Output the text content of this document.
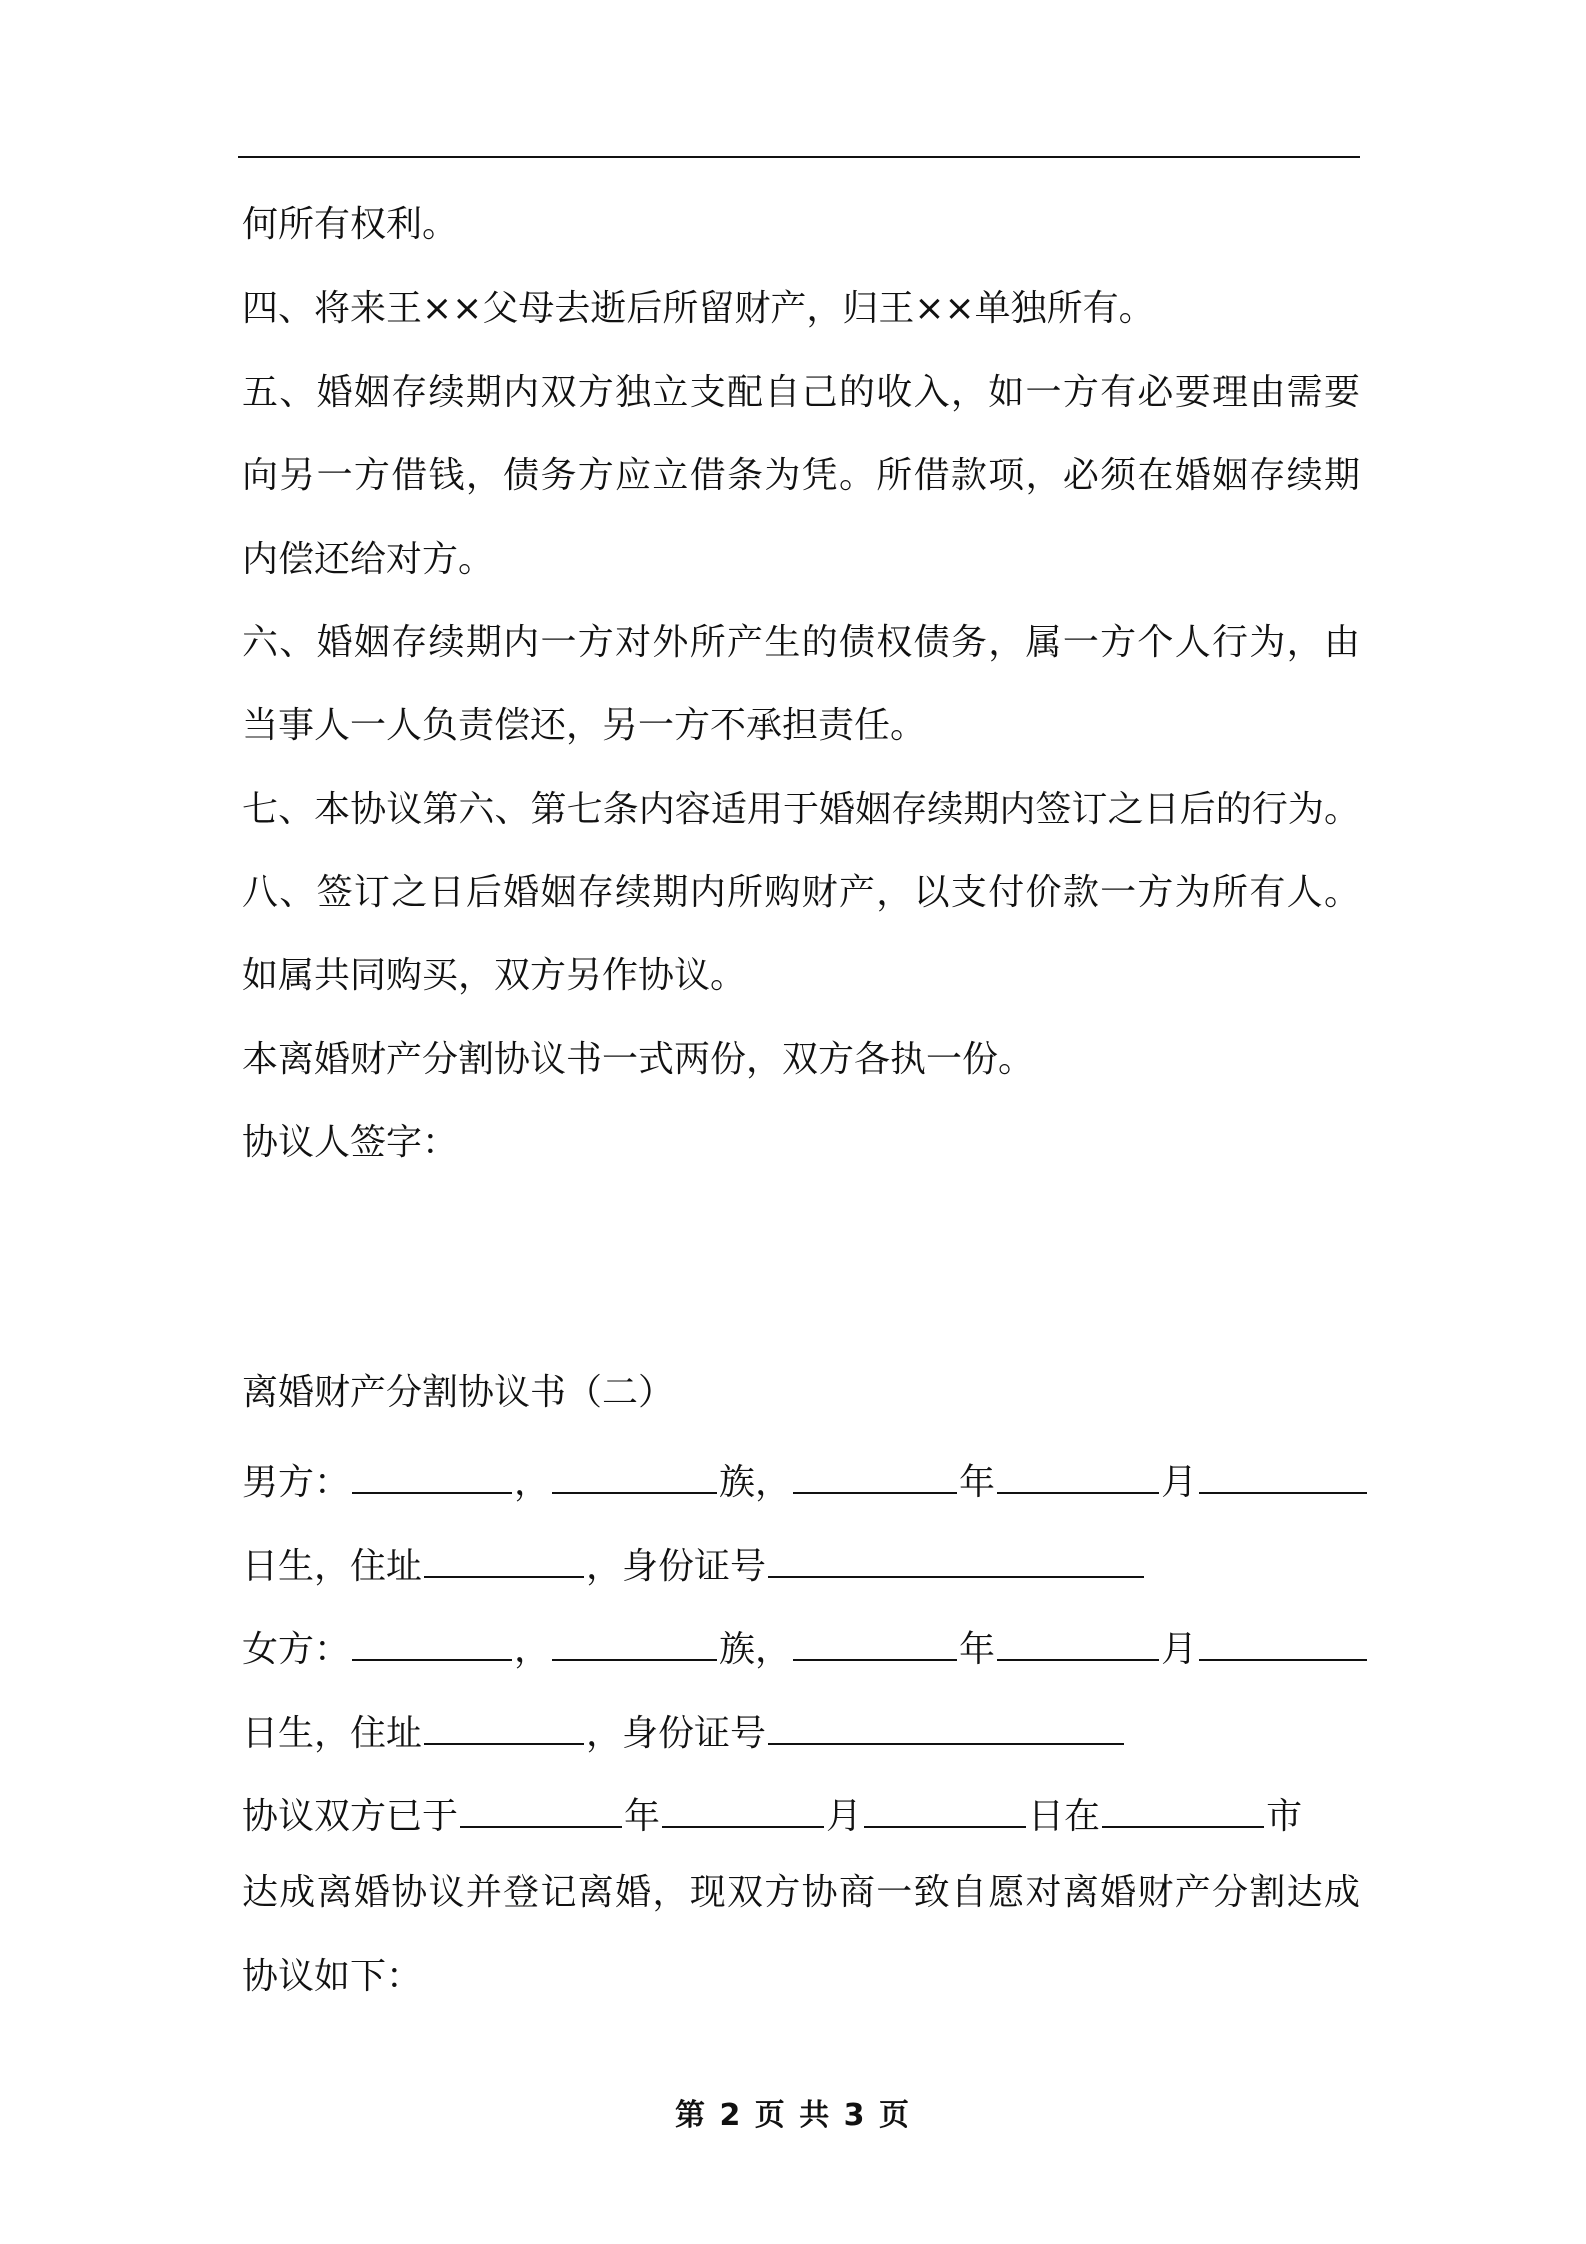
何所有权利。
四、将来王××父母去逝后所留财产，归王××单独所有。
五、婚姻存续期内双方独立支配自己的收入，如一方有必要理由需要
向另一方借钱，债务方应立借条为凭。所借款项，必须在婚姻存续期
内偿还给对方。
六、婚姻存续期内一方对外所产生的债权债务，属一方个人行为，由
当事人一人负责偿还，另一方不承担责任。
七、本协议第六、第七条内容适用于婚姻存续期内签订之日后的行为。
八、签订之日后婚姻存续期内所购财产，以支付价款一方为所有人。
如属共同购买，双方另作协议。
本离婚财产分割协议书一式两份，双方各执一份。
协议人签字：
离婚财产分割协议书（二）
男方：	，	族，	年	月
日生，住址	，身份证号
女方：	，	族，	年	月
日生，住址	，身份证号
协议双方已于	年	月	日在	市
达成离婚协议并登记离婚，现双方协商一致自愿对离婚财产分割达成
协议如下：
第 2 页 共 3 页
